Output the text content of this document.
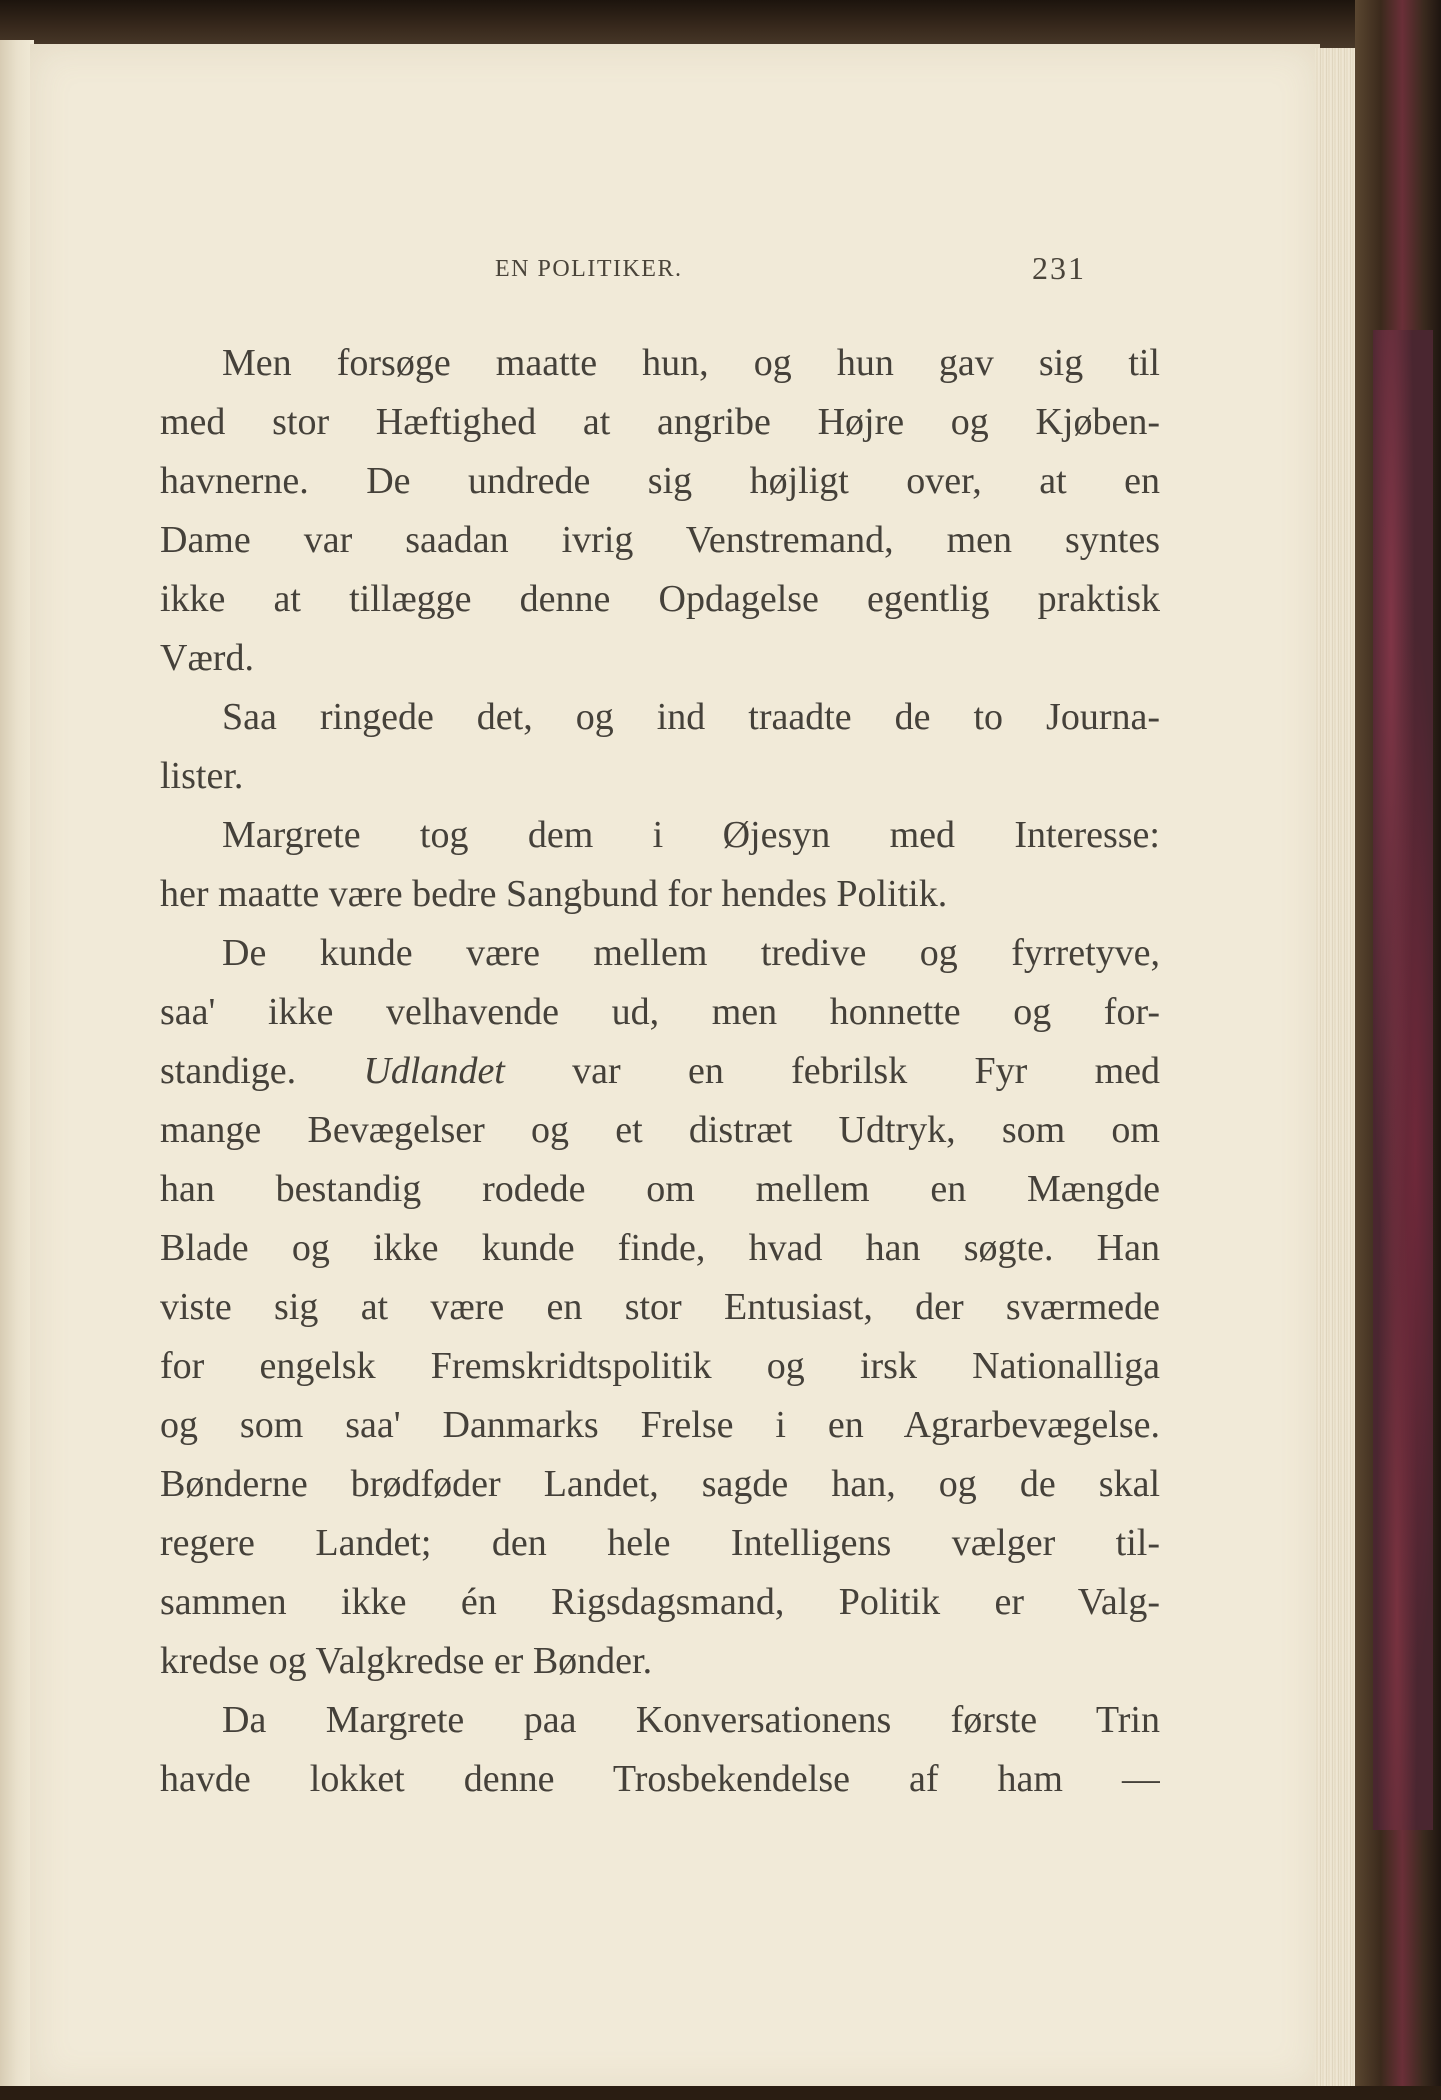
EN POLITIKER.	231
Men forsøge maatte hun, og hun gav sig til
med stor Hæftighed at angribe Højre og Kjøben-
havnerne. De undrede sig højligt over, at en
Dame var saadan ivrig Venstremand, men syntes
ikke at tillægge denne Opdagelse egentlig praktisk
Værd.
Saa ringede det, og ind traadte de to Journa-
lister.
Margrete tog dem i Øjesyn med Interesse:
her maatte være bedre Sangbund for hendes Politik.
De kunde være mellem tredive og fyrretyve,
saa' ikke velhavende ud, men honnette og for-
standige. Udlandet var en febrilsk Fyr med
mange Bevægelser og et distræt Udtryk, som om
han bestandig rodede om mellem en Mængde
Blade og ikke kunde finde, hvad han søgte. Han
viste sig at være en stor Entusiast, der sværmede
for engelsk Fremskridtspolitik og irsk Nationalliga
og som saa' Danmarks Frelse i en Agrarbevægelse.
Bønderne brødføder Landet, sagde han, og de skal
regere Landet; den hele Intelligens vælger til-
sammen ikke én Rigsdagsmand, Politik er Valg-
kredse og Valgkredse er Bønder.
Da Margrete paa Konversationens første Trin
havde lokket denne Trosbekendelse af ham —
